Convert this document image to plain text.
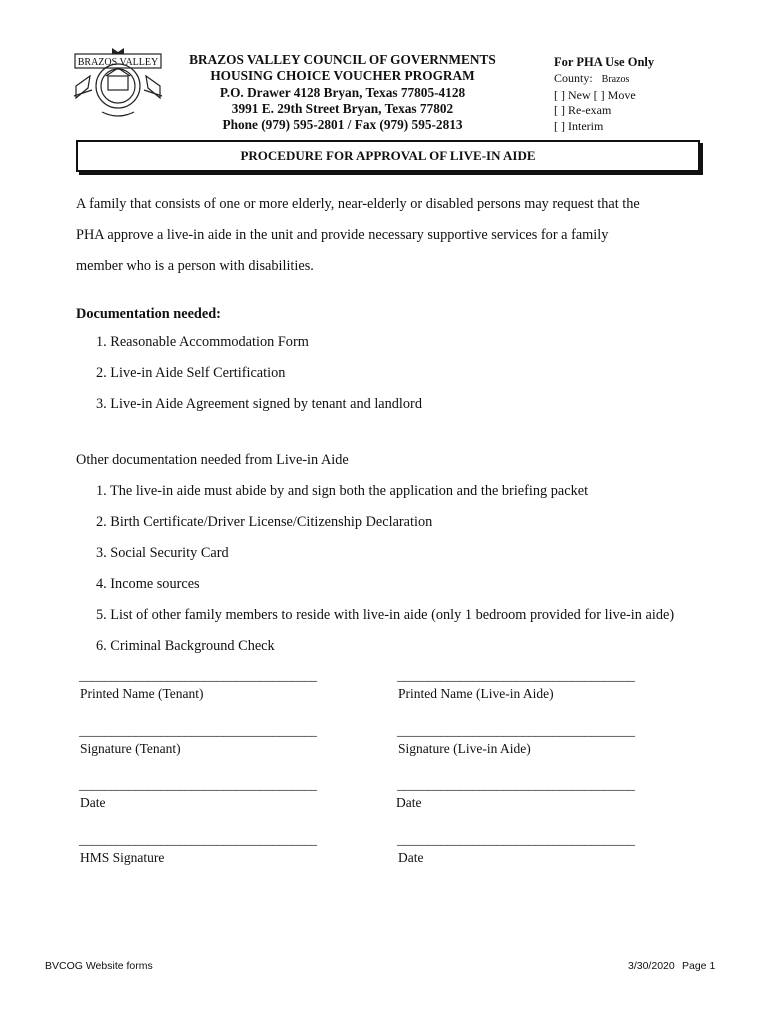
BRAZOS VALLEY	BRAZOS VALLEY COUNCIL OF GOVERNMENTS
HOUSING CHOICE VOUCHER PROGRAM
P.O. Drawer 4128 Bryan, Texas 77805-4128
3991 E. 29th Street Bryan, Texas 77802
Phone (979) 595-2801 / Fax (979) 595-2813
For PHA Use Only
County: Brazos
[ ] New [ ] Move
[ ] Re-exam
[ ] Interim
PROCEDURE FOR APPROVAL OF LIVE-IN AIDE
A family that consists of one or more elderly, near-elderly or disabled persons may request that the
PHA approve a live-in aide in the unit and provide necessary supportive services for a family
member who is a person with disabilities.
Documentation needed:
1. Reasonable Accommodation Form
2. Live-in Aide Self Certification
3. Live-in Aide Agreement signed by tenant and landlord
Other documentation needed from Live-in Aide
1. The live-in aide must abide by and sign both the application and the briefing packet
2. Birth Certificate/Driver License/Citizenship Declaration
3. Social Security Card
4. Income sources
5. List of other family members to reside with live-in aide (only 1 bedroom provided for live-in aide)
6. Criminal Background Check
______________________________________
Printed Name (Tenant)
______________________________________
Signature (Tenant)
______________________________________
Date
______________________________________
HMS Signature
______________________________________
Printed Name (Live-in Aide)
______________________________________
Signature (Live-in Aide)
______________________________________
Date
______________________________________
Date
BVCOG Website forms	3/30/2020 Page 1
